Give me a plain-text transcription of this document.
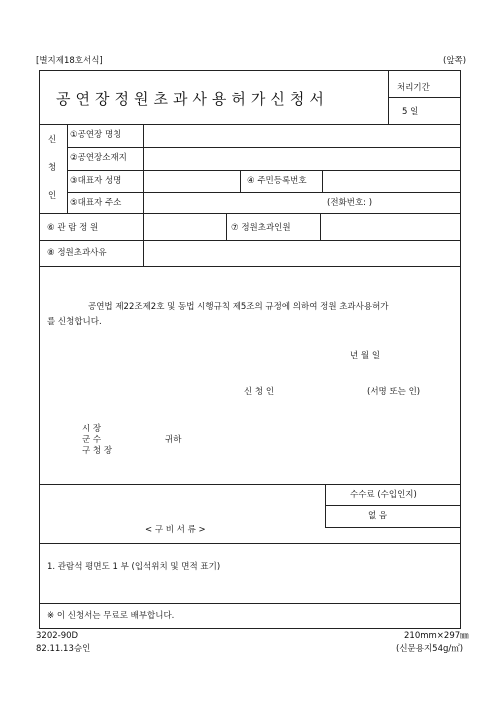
[별지제18호서식]	(앞쪽)
공연장정원초과사용허가신청서
처리기간
5 일
신
청
인
①공연장 명칭
②공연장소재지
③대표자 성명	④ 주민등록번호
⑤대표자 주소	(전화번호: )
⑥ 관 람 정 원	⑦ 정원초과인원
⑧ 정원초과사유
공연법 제22조제2호 및 동법 시행규칙 제5조의 규정에 의하여 정원 초과사용허가
를 신청합니다.
년 월 일
신 청 인	(서명 또는 인)
시 장
군 수
구 청 장
귀하
수수료 (수입인지)
없 음
< 구 비 서 류 >
1. 관람석 평면도 1 부 (입석위치 및 면적 표기)
※ 이 신청서는 무료로 배부합니다.
3202-90D
82.11.13승인
210mm×297㎜
(신문용지54g/㎡)
